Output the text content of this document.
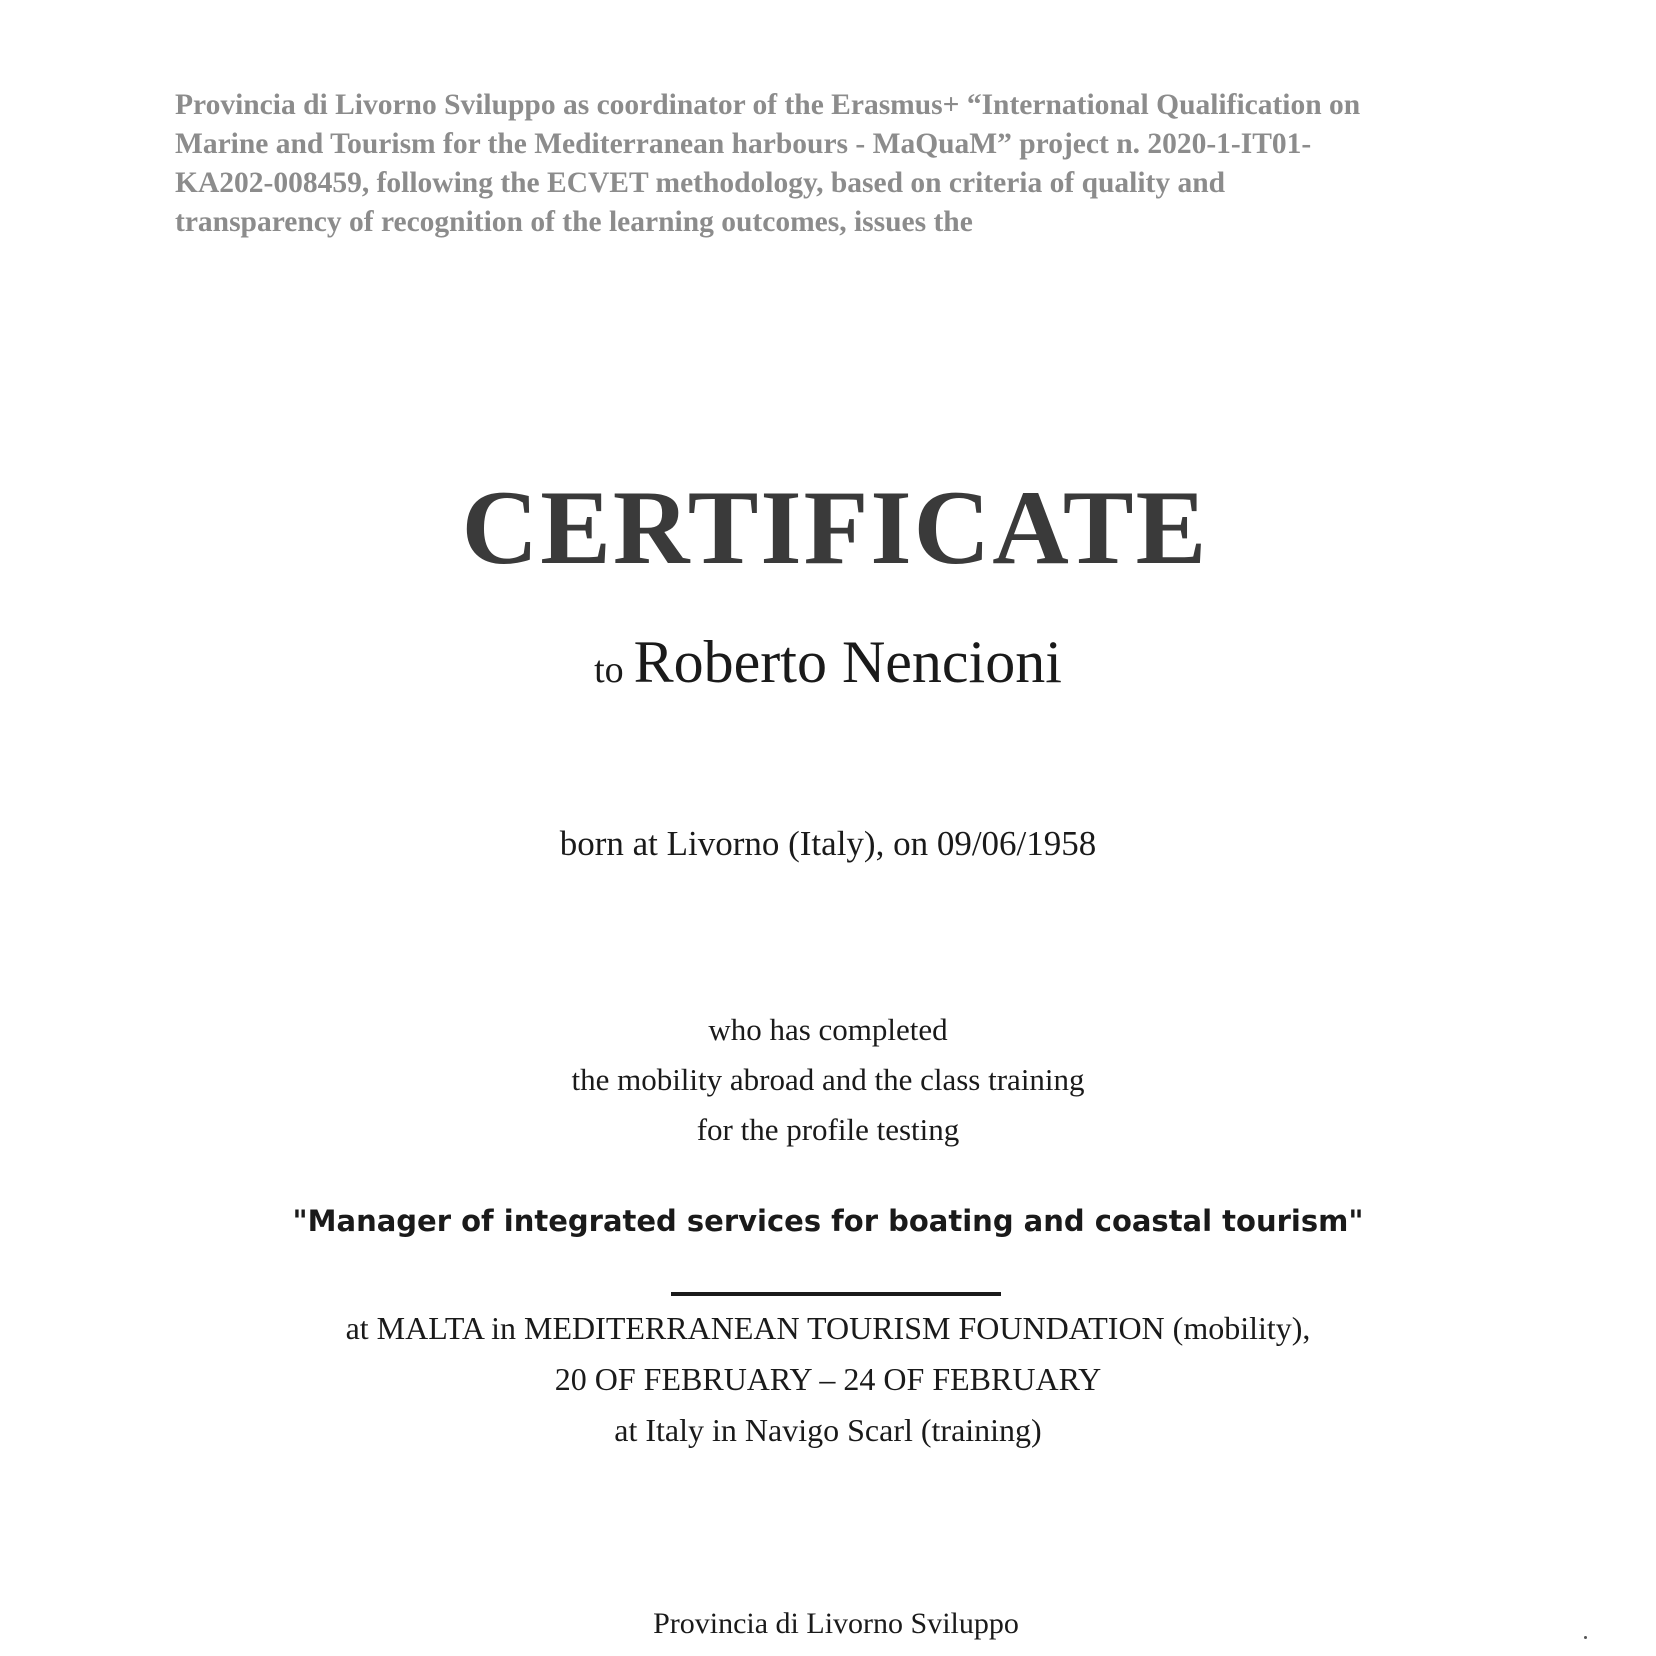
Provincia di Livorno Sviluppo as coordinator of the Erasmus+ “International Qualification on
Marine and Tourism for the Mediterranean harbours - MaQuaM” project n. 2020-1-IT01-
KA202-008459, following the ECVET methodology, based on criteria of quality and
transparency of recognition of the learning outcomes, issues the

CERTIFICATE
to Roberto Nencioni
born at Livorno (Italy), on 09/06/1958
who has completed
the mobility abroad and the class training
for the profile testing
"Manager of integrated services for boating and coastal tourism"
at MALTA in MEDITERRANEAN TOURISM FOUNDATION (mobility),
20 OF FEBRUARY – 24 OF FEBRUARY
at Italy in Navigo Scarl (training)
Provincia di Livorno Sviluppo
